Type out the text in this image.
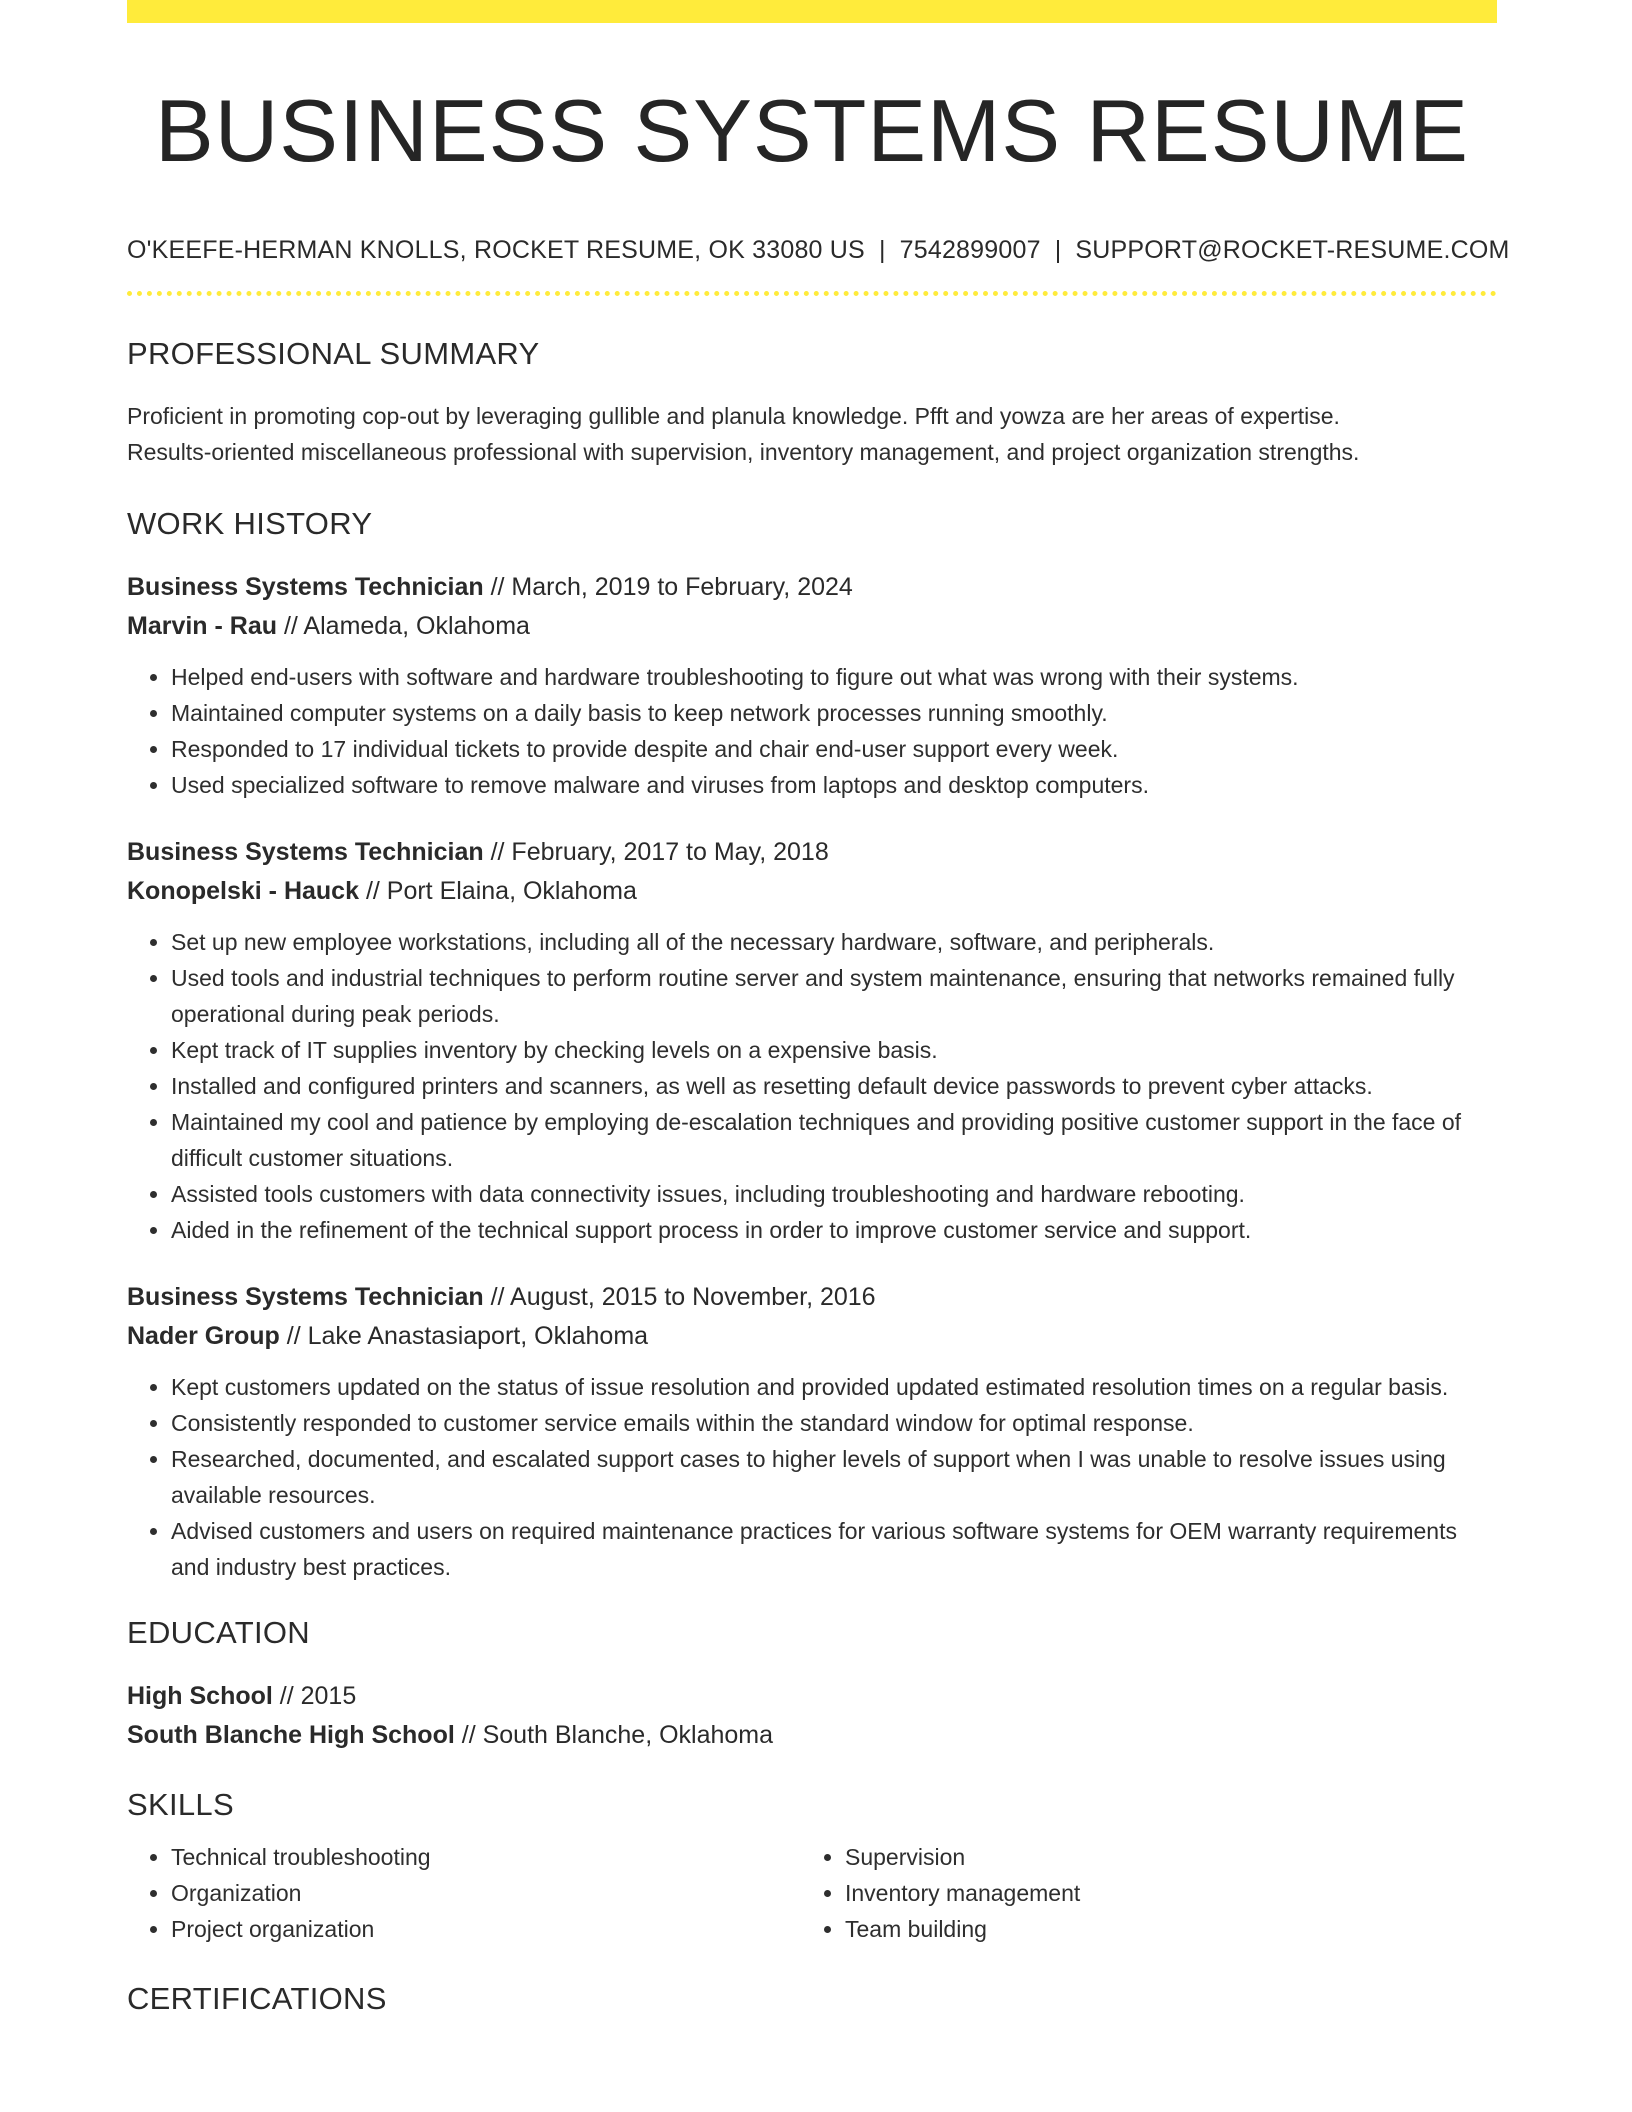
BUSINESS SYSTEMS RESUME
O'KEEFE-HERMAN KNOLLS, ROCKET RESUME, OK 33080 US | 7542899007 | SUPPORT@ROCKET-RESUME.COM
PROFESSIONAL SUMMARY
Proficient in promoting cop-out by leveraging gullible and planula knowledge. Pfft and yowza are her areas of expertise.
Results-oriented miscellaneous professional with supervision, inventory management, and project organization strengths.
WORK HISTORY
Business Systems Technician // March, 2019 to February, 2024
Marvin - Rau // Alameda, Oklahoma
• Helped end-users with software and hardware troubleshooting to figure out what was wrong with their systems.
• Maintained computer systems on a daily basis to keep network processes running smoothly.
• Responded to 17 individual tickets to provide despite and chair end-user support every week.
• Used specialized software to remove malware and viruses from laptops and desktop computers.
Business Systems Technician // February, 2017 to May, 2018
Konopelski - Hauck // Port Elaina, Oklahoma
• Set up new employee workstations, including all of the necessary hardware, software, and peripherals.
• Used tools and industrial techniques to perform routine server and system maintenance, ensuring that networks remained fully operational during peak periods.
• Kept track of IT supplies inventory by checking levels on a expensive basis.
• Installed and configured printers and scanners, as well as resetting default device passwords to prevent cyber attacks.
• Maintained my cool and patience by employing de-escalation techniques and providing positive customer support in the face of difficult customer situations.
• Assisted tools customers with data connectivity issues, including troubleshooting and hardware rebooting.
• Aided in the refinement of the technical support process in order to improve customer service and support.
Business Systems Technician // August, 2015 to November, 2016
Nader Group // Lake Anastasiaport, Oklahoma
• Kept customers updated on the status of issue resolution and provided updated estimated resolution times on a regular basis.
• Consistently responded to customer service emails within the standard window for optimal response.
• Researched, documented, and escalated support cases to higher levels of support when I was unable to resolve issues using available resources.
• Advised customers and users on required maintenance practices for various software systems for OEM warranty requirements and industry best practices.
EDUCATION
High School // 2015
South Blanche High School // South Blanche, Oklahoma
SKILLS
• Technical troubleshooting
• Organization
• Project organization
• Supervision
• Inventory management
• Team building
CERTIFICATIONS
